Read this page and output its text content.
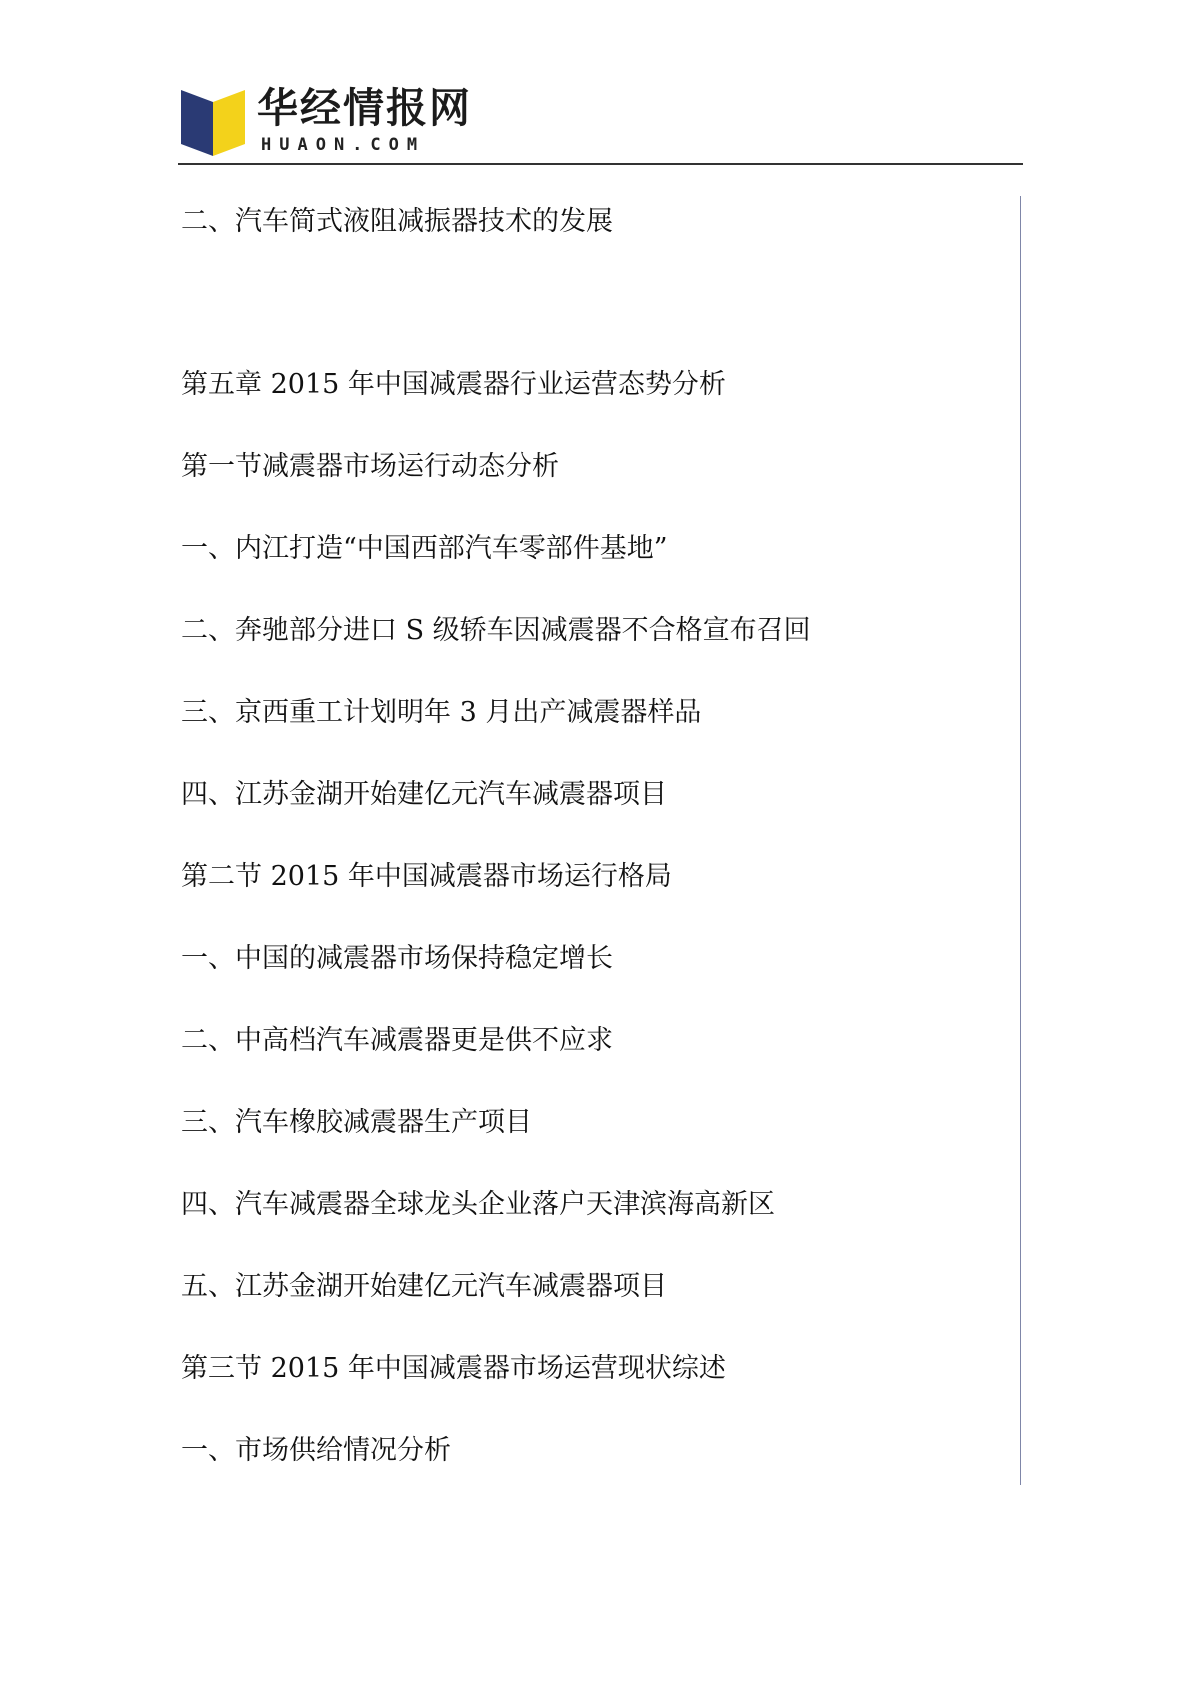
华经情报网
HUAON.COM
二、汽车简式液阻减振器技术的发展
第五章 2015 年中国减震器行业运营态势分析
第一节减震器市场运行动态分析
一、内江打造“中国西部汽车零部件基地”
二、奔驰部分进口 S 级轿车因减震器不合格宣布召回
三、京西重工计划明年 3 月出产减震器样品
四、江苏金湖开始建亿元汽车减震器项目
第二节 2015 年中国减震器市场运行格局
一、中国的减震器市场保持稳定增长
二、中高档汽车减震器更是供不应求
三、汽车橡胶减震器生产项目
四、汽车减震器全球龙头企业落户天津滨海高新区
五、江苏金湖开始建亿元汽车减震器项目
第三节 2015 年中国减震器市场运营现状综述
一、市场供给情况分析
